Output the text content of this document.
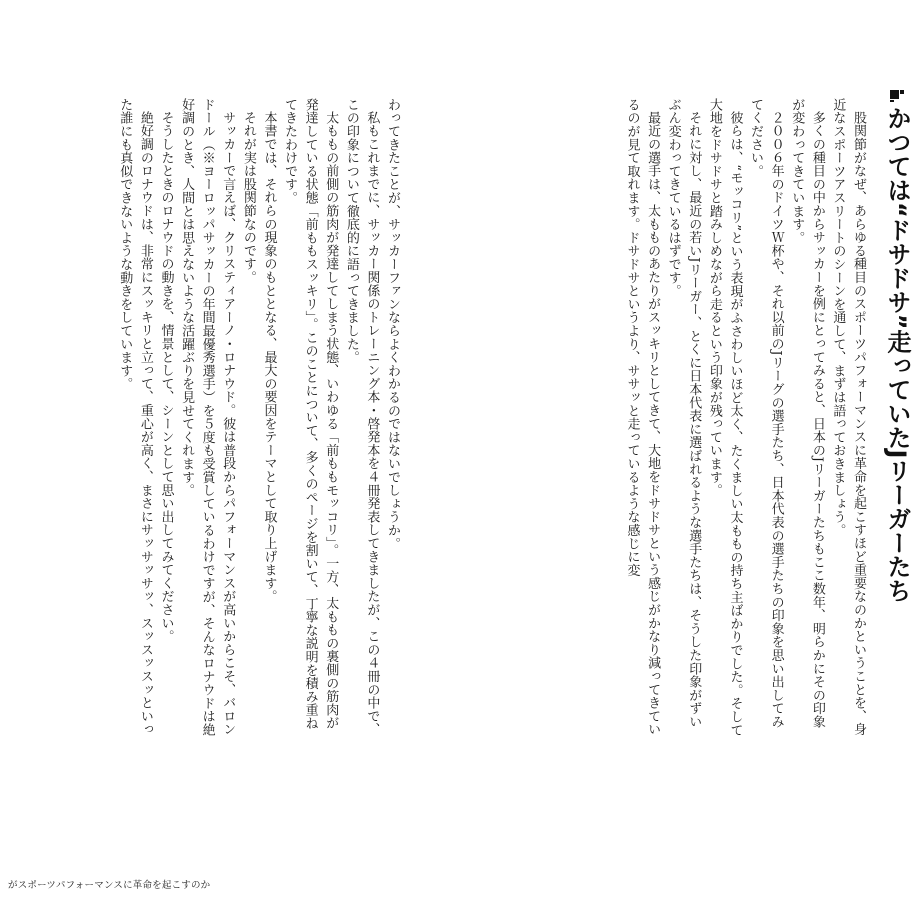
かつては“ドサドサ”走っていたJリーガーたち

股関節がなぜ、あらゆる種目のスポーツパフォーマンスに革命を起こすほど重要なのかということを、身近なスポーツアスリートのシーンを通して、まずは語っておきましょう。

多くの種目の中からサッカーを例にとってみると、日本のJリーガーたちもここ数年、明らかにその印象が変わってきています。

２００６年のドイツＷ杯や、それ以前のJリーグの選手たち、日本代表の選手たちの印象を思い出してみてください。

彼らは、“モッコリ”という表現がふさわしいほど太く、たくましい太ももの持ち主ばかりでした。そして大地をドサドサと踏みしめながら走るという印象が残っています。

それに対し、最近の若いJリーガー、とくに日本代表に選ばれるような選手たちは、そうした印象がずいぶん変わってきているはずです。

最近の選手は、太もものあたりがスッキリとしてきて、大地をドサドサという感じがかなり減ってきているのが見て取れます。ドサドサというより、ササッと走っているような感じに変

わってきたことが、サッカーファンならよくわかるのではないでしょうか。

私もこれまでに、サッカー関係のトレーニング本・啓発本を４冊発表してきましたが、この４冊の中で、この印象について徹底的に語ってきました。

太ももの前側の筋肉が発達してしまう状態、いわゆる「前ももモッコリ」。一方、太ももの裏側の筋肉が発達している状態「前ももスッキリ」。このことについて、多くのページを割いて、丁寧な説明を積み重ねてきたわけです。

本書では、それらの現象のもととなる、最大の要因をテーマとして取り上げます。

それが実は股関節なのです。

サッカーで言えば、クリスティアーノ・ロナウド。彼は普段からパフォーマンスが高いからこそ、バロンドール（※ヨーロッパサッカーの年間最優秀選手）を５度も受賞しているわけですが、そんなロナウドは絶好調のとき、人間とは思えないような活躍ぶりを見せてくれます。

そうしたときのロナウドの動きを、情景として、シーンとして思い出してみてください。

絶好調のロナウドは、非常にスッキリと立って、重心が高く、まさにサッサッサッ、スッスッスッといった誰にも真似できないような動きをしています。

がスポーツパフォーマンスに革命を起こすのか
